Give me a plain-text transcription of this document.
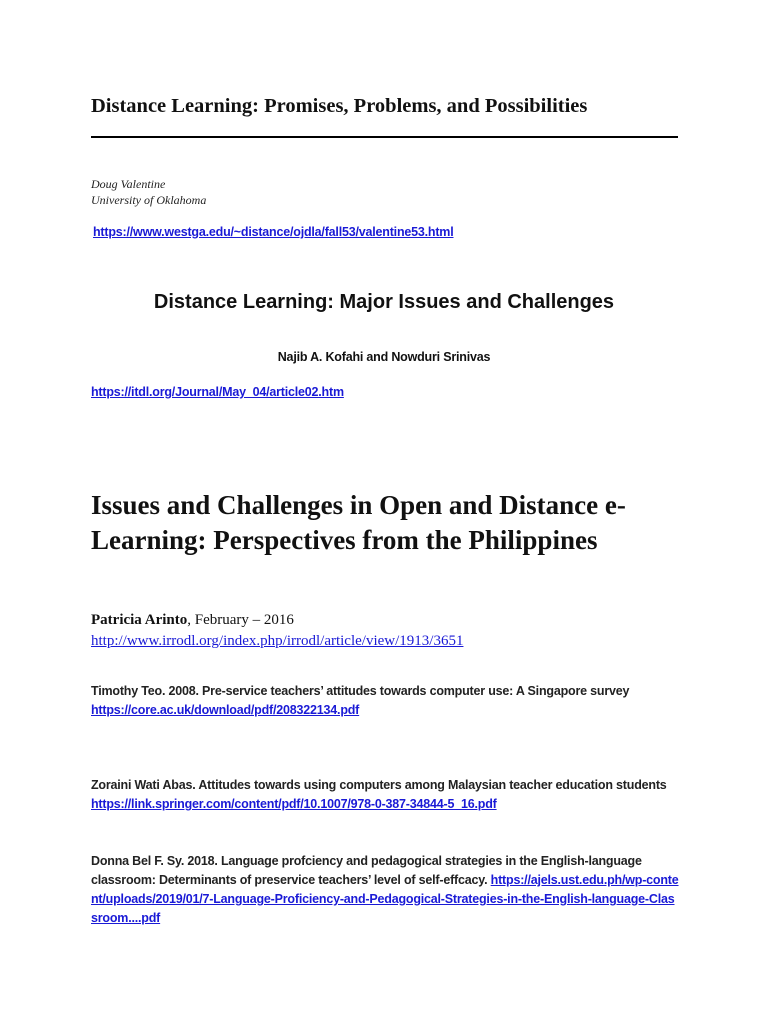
Distance Learning: Promises, Problems, and Possibilities
Doug Valentine
University of Oklahoma
https://www.westga.edu/~distance/ojdla/fall53/valentine53.html
Distance Learning: Major Issues and Challenges
Najib A. Kofahi and Nowduri Srinivas
https://itdl.org/Journal/May_04/article02.htm
Issues and Challenges in Open and Distance e-Learning: Perspectives from the Philippines
Patricia Arinto, February – 2016
http://www.irrodl.org/index.php/irrodl/article/view/1913/3651
Timothy Teo. 2008. Pre-service teachers’ attitudes towards computer use: A Singapore survey
https://core.ac.uk/download/pdf/208322134.pdf
Zoraini Wati Abas. Attitudes towards using computers among Malaysian teacher education students
https://link.springer.com/content/pdf/10.1007/978-0-387-34844-5_16.pdf
Donna Bel F. Sy. 2018. Language profciency and pedagogical strategies in the English-language classroom: Determinants of preservice teachers’ level of self-effcacy. https://ajels.ust.edu.ph/wp-content/uploads/2019/01/7-Language-Proficiency-and-Pedagogical-Strategies-in-the-English-language-Classroom....pdf
